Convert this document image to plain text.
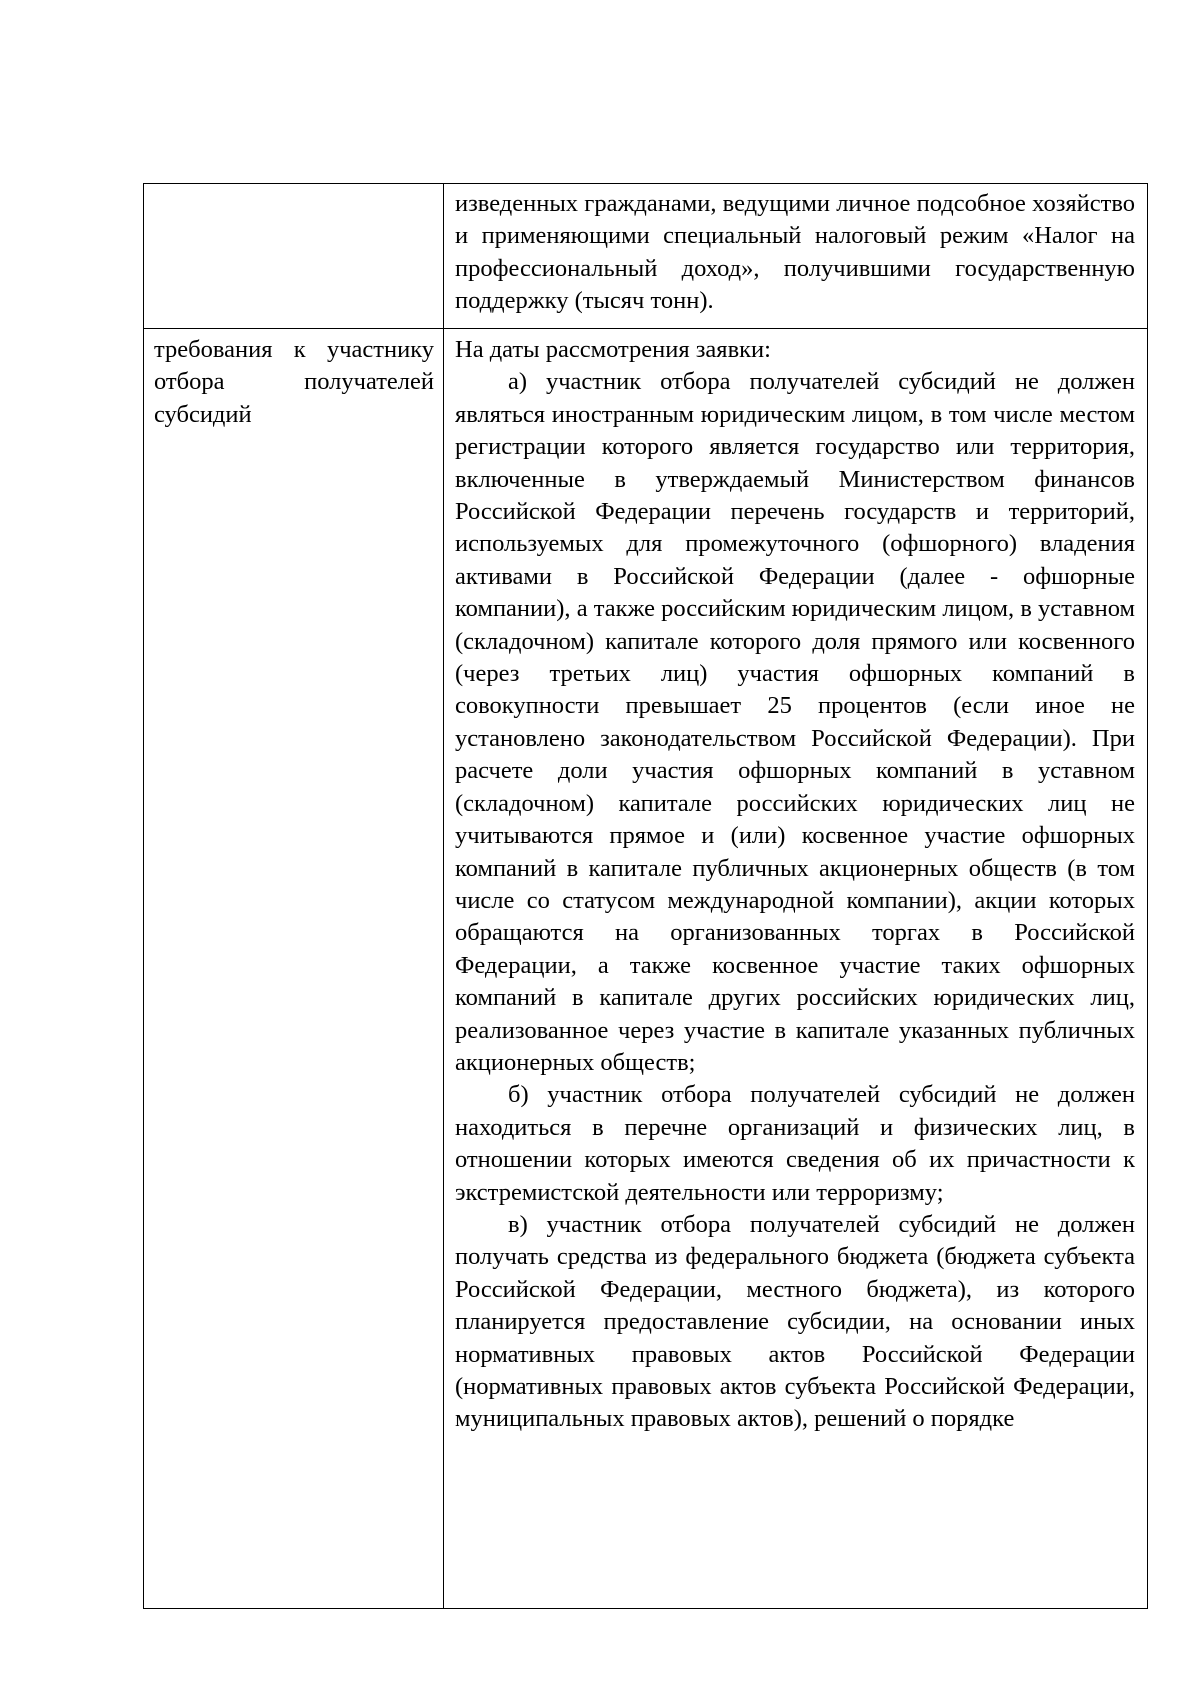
	изведенных гражданами, ведущими личное подсобное хозяйство и применяющими специальный налоговый режим «Налог на профессиональный доход», получившими государственную поддержку (тысяч тонн).

требования к участнику отбора получателей субсидий	На даты рассмотрения заявки:

а) участник отбора получателей субсидий не должен являться иностранным юридическим лицом, в том числе местом регистрации которого является государство или территория, включенные в утверждаемый Министерством финансов Российской Федерации перечень государств и территорий, используемых для промежуточного (офшорного) владения активами в Российской Федерации (далее - офшорные компании), а также российским юридическим лицом, в уставном (складочном) капитале которого доля прямого или косвенного (через третьих лиц) участия офшорных компаний в совокупности превышает 25 процентов (если иное не установлено законодательством Российской Федерации). При расчете доли участия офшорных компаний в уставном (складочном) капитале российских юридических лиц не учитываются прямое и (или) косвенное участие офшорных компаний в капитале публичных акционерных обществ (в том числе со статусом международной компании), акции которых обращаются на организованных торгах в Российской Федерации, а также косвенное участие таких офшорных компаний в капитале других российских юридических лиц, реализованное через участие в капитале указанных публичных акционерных обществ;

б) участник отбора получателей субсидий не должен находиться в перечне организаций и физических лиц, в отношении которых имеются сведения об их причастности к экстремистской деятельности или терроризму;

в) участник отбора получателей субсидий не должен получать средства из федерального бюджета (бюджета субъекта Российской Федерации, местного бюджета), из которого планируется предоставление субсидии, на основании иных нормативных правовых актов Российской Федерации (нормативных правовых актов субъекта Российской Федерации, муниципальных правовых актов), решений о порядке
